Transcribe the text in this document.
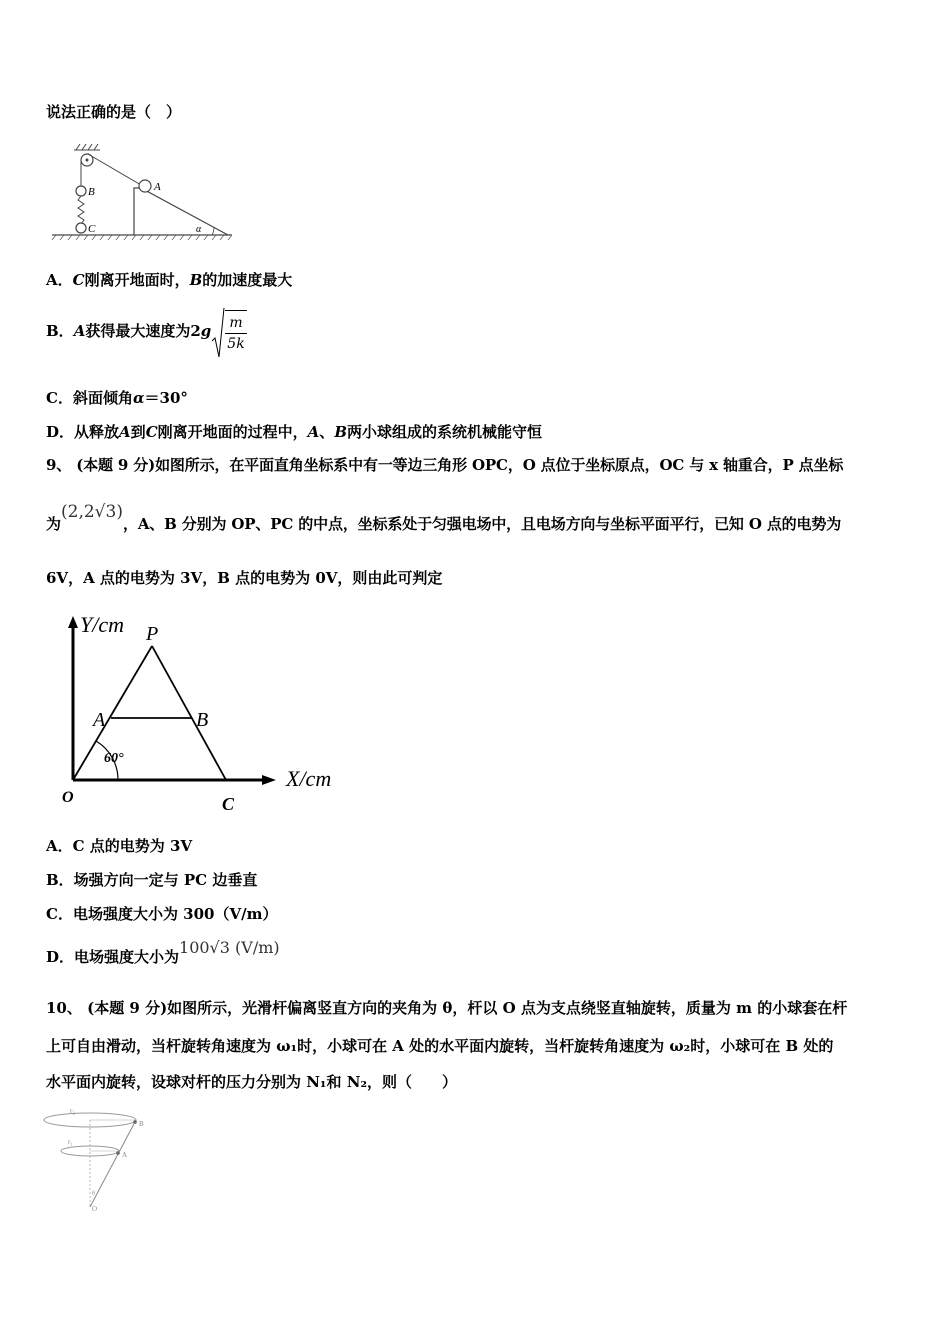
说法正确的是（　）
A
B
C	α
A．C刚离开地面时，B的加速度最大
B．A获得最大速度为$2g \frac{m}{5k}$
C．斜面倾角α＝30°
D．从释放A到C刚离开地面的过程中，A、B两小球组成的系统机械能守恒
9、 (本题 9 分)如图所示，在平面直角坐标系中有一等边三角形 OPC，O 点位于坐标原点，OC 与 x 轴重合，P 点坐标
为(2,2√3)，A、B 分别为 OP、PC 的中点，坐标系处于匀强电场中，且电场方向与坐标平面平行，已知 O 点的电势为
6V，A 点的电势为 3V，B 点的电势为 0V，则由此可判定
Y/cm
X/cm
P
A	B
O	C
60°
A．C 点的电势为 3V
B．场强方向一定与 PC 边垂直
C．电场强度大小为 300（V/m）
D．电场强度大小为100√3 (V/m)
10、 (本题 9 分)如图所示，光滑杆偏离竖直方向的夹角为 θ，杆以 O 点为支点绕竖直轴旋转，质量为 m 的小球套在杆
上可自由滑动，当杆旋转角速度为 ω₁时，小球可在 A 处的水平面内旋转，当杆旋转角速度为 ω₂时，小球可在 B 处的
水平面内旋转，设球对杆的压力分别为 N₁和 N₂，则（　　）
r₂
r₁
B
A
θ
O
